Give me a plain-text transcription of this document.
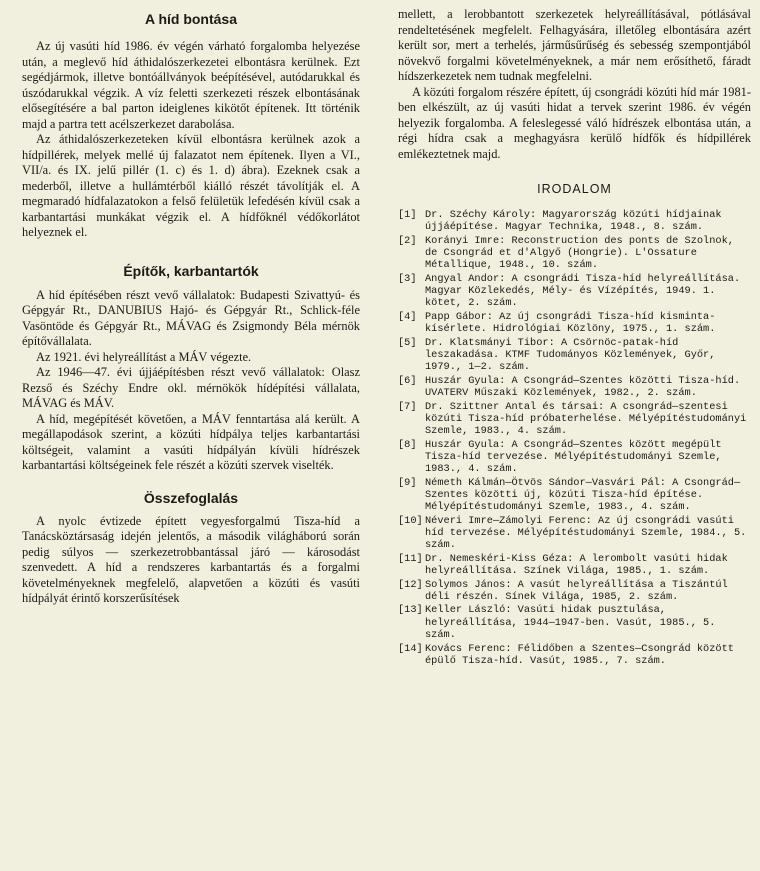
A híd bontása

Az új vasúti híd 1986. év végén várható forgalomba helyezése után, a meglevő híd áthidalószerkezetei elbontásra kerülnek. Ezt segédjármok, illetve bontóállványok beépítésével, autódarukkal és úszódarukkal végzik. A víz feletti szerkezeti részek elbontásának elősegítésére a bal parton ideiglenes kikötőt építenek. Itt történik majd a partra tett acélszerkezet darabolása.

Az áthidalószerkezeteken kívül elbontásra kerülnek azok a hídpillérek, melyek mellé új falazatot nem építenek. Ilyen a VI., VII/a. és IX. jelű pillér (1. c) és 1. d) ábra). Ezeknek csak a mederből, illetve a hullámtérből kiálló részét távolítják el. A megmaradó hídfalazatokon a felső felületük lefedésén kívül csak a karbantartási munkákat végzik el. A hídfőknél védőkorlátot helyeznek el.

Építők, karbantartók

A híd építésében részt vevő vállalatok: Budapesti Szivattyú- és Gépgyár Rt., DANUBIUS Hajó- és Gépgyár Rt., Schlick-féle Vasöntöde és Gépgyár Rt., MÁVAG és Zsigmondy Béla mérnök építővállalata.

Az 1921. évi helyreállítást a MÁV végezte.

Az 1946—47. évi újjáépítésben részt vevő vállalatok: Olasz Rezső és Széchy Endre okl. mérnökök hídépítési vállalata, MÁVAG és MÁV.

A híd, megépítését követően, a MÁV fenntartása alá került. A megállapodások szerint, a közúti hídpálya teljes karbantartási költségeit, valamint a vasúti hídpályán kívüli hídrészek karbantartási költségeinek fele részét a közúti szervek viselték.

Összefoglalás

A nyolc évtizede épített vegyesforgalmú Tisza-híd a Tanácsköztársaság idején jelentős, a második világháború során pedig súlyos — szerkezetrobbantással járó — károsodást szenvedett. A híd a rendszeres karbantartás és a forgalmi követelményeknek megfelelő, alapvetően a közúti és vasúti hídpályát érintő korszerűsítések

mellett, a lerobbantott szerkezetek helyreállításával, pótlásával rendeltetésének megfelelt. Felhagyására, illetőleg elbontására azért került sor, mert a terhelés, járműsűrűség és sebesség szempontjából növekvő forgalmi követelményeknek, a már nem erősíthető, fáradt hídszerkezetek nem tudnak megfelelni.

A közúti forgalom részére épített, új csongrádi közúti híd már 1981-ben elkészült, az új vasúti hidat a tervek szerint 1986. év végén helyezik forgalomba. A feleslegessé váló hídrészek elbontása után, a régi hídra csak a meghagyásra kerülő hídfők és hídpillérek emlékeztetnek majd.

IRODALOM
[1] Dr. Széchy Károly: Magyarország közúti hídjainak újjáépítése. Magyar Technika, 1948., 8. szám.
[2] Korányi Imre: Reconstruction des ponts de Szolnok, de Csongrád et d'Algyő (Hongrie). L'Ossature Métallique, 1948., 10. szám.
[3] Angyal Andor: A csongrádi Tisza-híd helyreállítása. Magyar Közlekedés, Mély- és Vízépítés, 1949. 1. kötet, 2. szám.
[4] Papp Gábor: Az új csongrádi Tisza-híd kisminta-kísérlete. Hidrológiai Közlöny, 1975., 1. szám.
[5] Dr. Klatsmányi Tibor: A Csörnöc-patak-híd leszakadása. KTMF Tudományos Közlemények, Győr, 1979., 1—2. szám.
[6] Huszár Gyula: A Csongrád—Szentes közötti Tisza-híd. UVATERV Műszaki Közlemények, 1982., 2. szám.
[7] Dr. Szittner Antal és társai: A csongrád—szentesi közúti Tisza-híd próbaterhelése. Mélyépítéstudományi Szemle, 1983., 4. szám.
[8] Huszár Gyula: A Csongrád—Szentes között megépült Tisza-híd tervezése. Mélyépítéstudományi Szemle, 1983., 4. szám.
[9] Németh Kálmán—Ötvös Sándor—Vasvári Pál: A Csongrád—Szentes közötti új, közúti Tisza-híd építése. Mélyépítéstudományi Szemle, 1983., 4. szám.
[10] Néveri Imre—Zámolyi Ferenc: Az új csongrádi vasúti híd tervezése. Mélyépítéstudományi Szemle, 1984., 5. szám.
[11] Dr. Nemeskéri-Kiss Géza: A lerombolt vasúti hidak helyreállítása. Színek Világa, 1985., 1. szám.
[12] Solymos János: A vasút helyreállítása a Tiszántúl déli részén. Sínek Világa, 1985, 2. szám.
[13] Keller László: Vasúti hidak pusztulása, helyreállítása, 1944—1947-ben. Vasút, 1985., 5. szám.
[14] Kovács Ferenc: Félidőben a Szentes—Csongrád között épülő Tisza-híd. Vasút, 1985., 7. szám.
